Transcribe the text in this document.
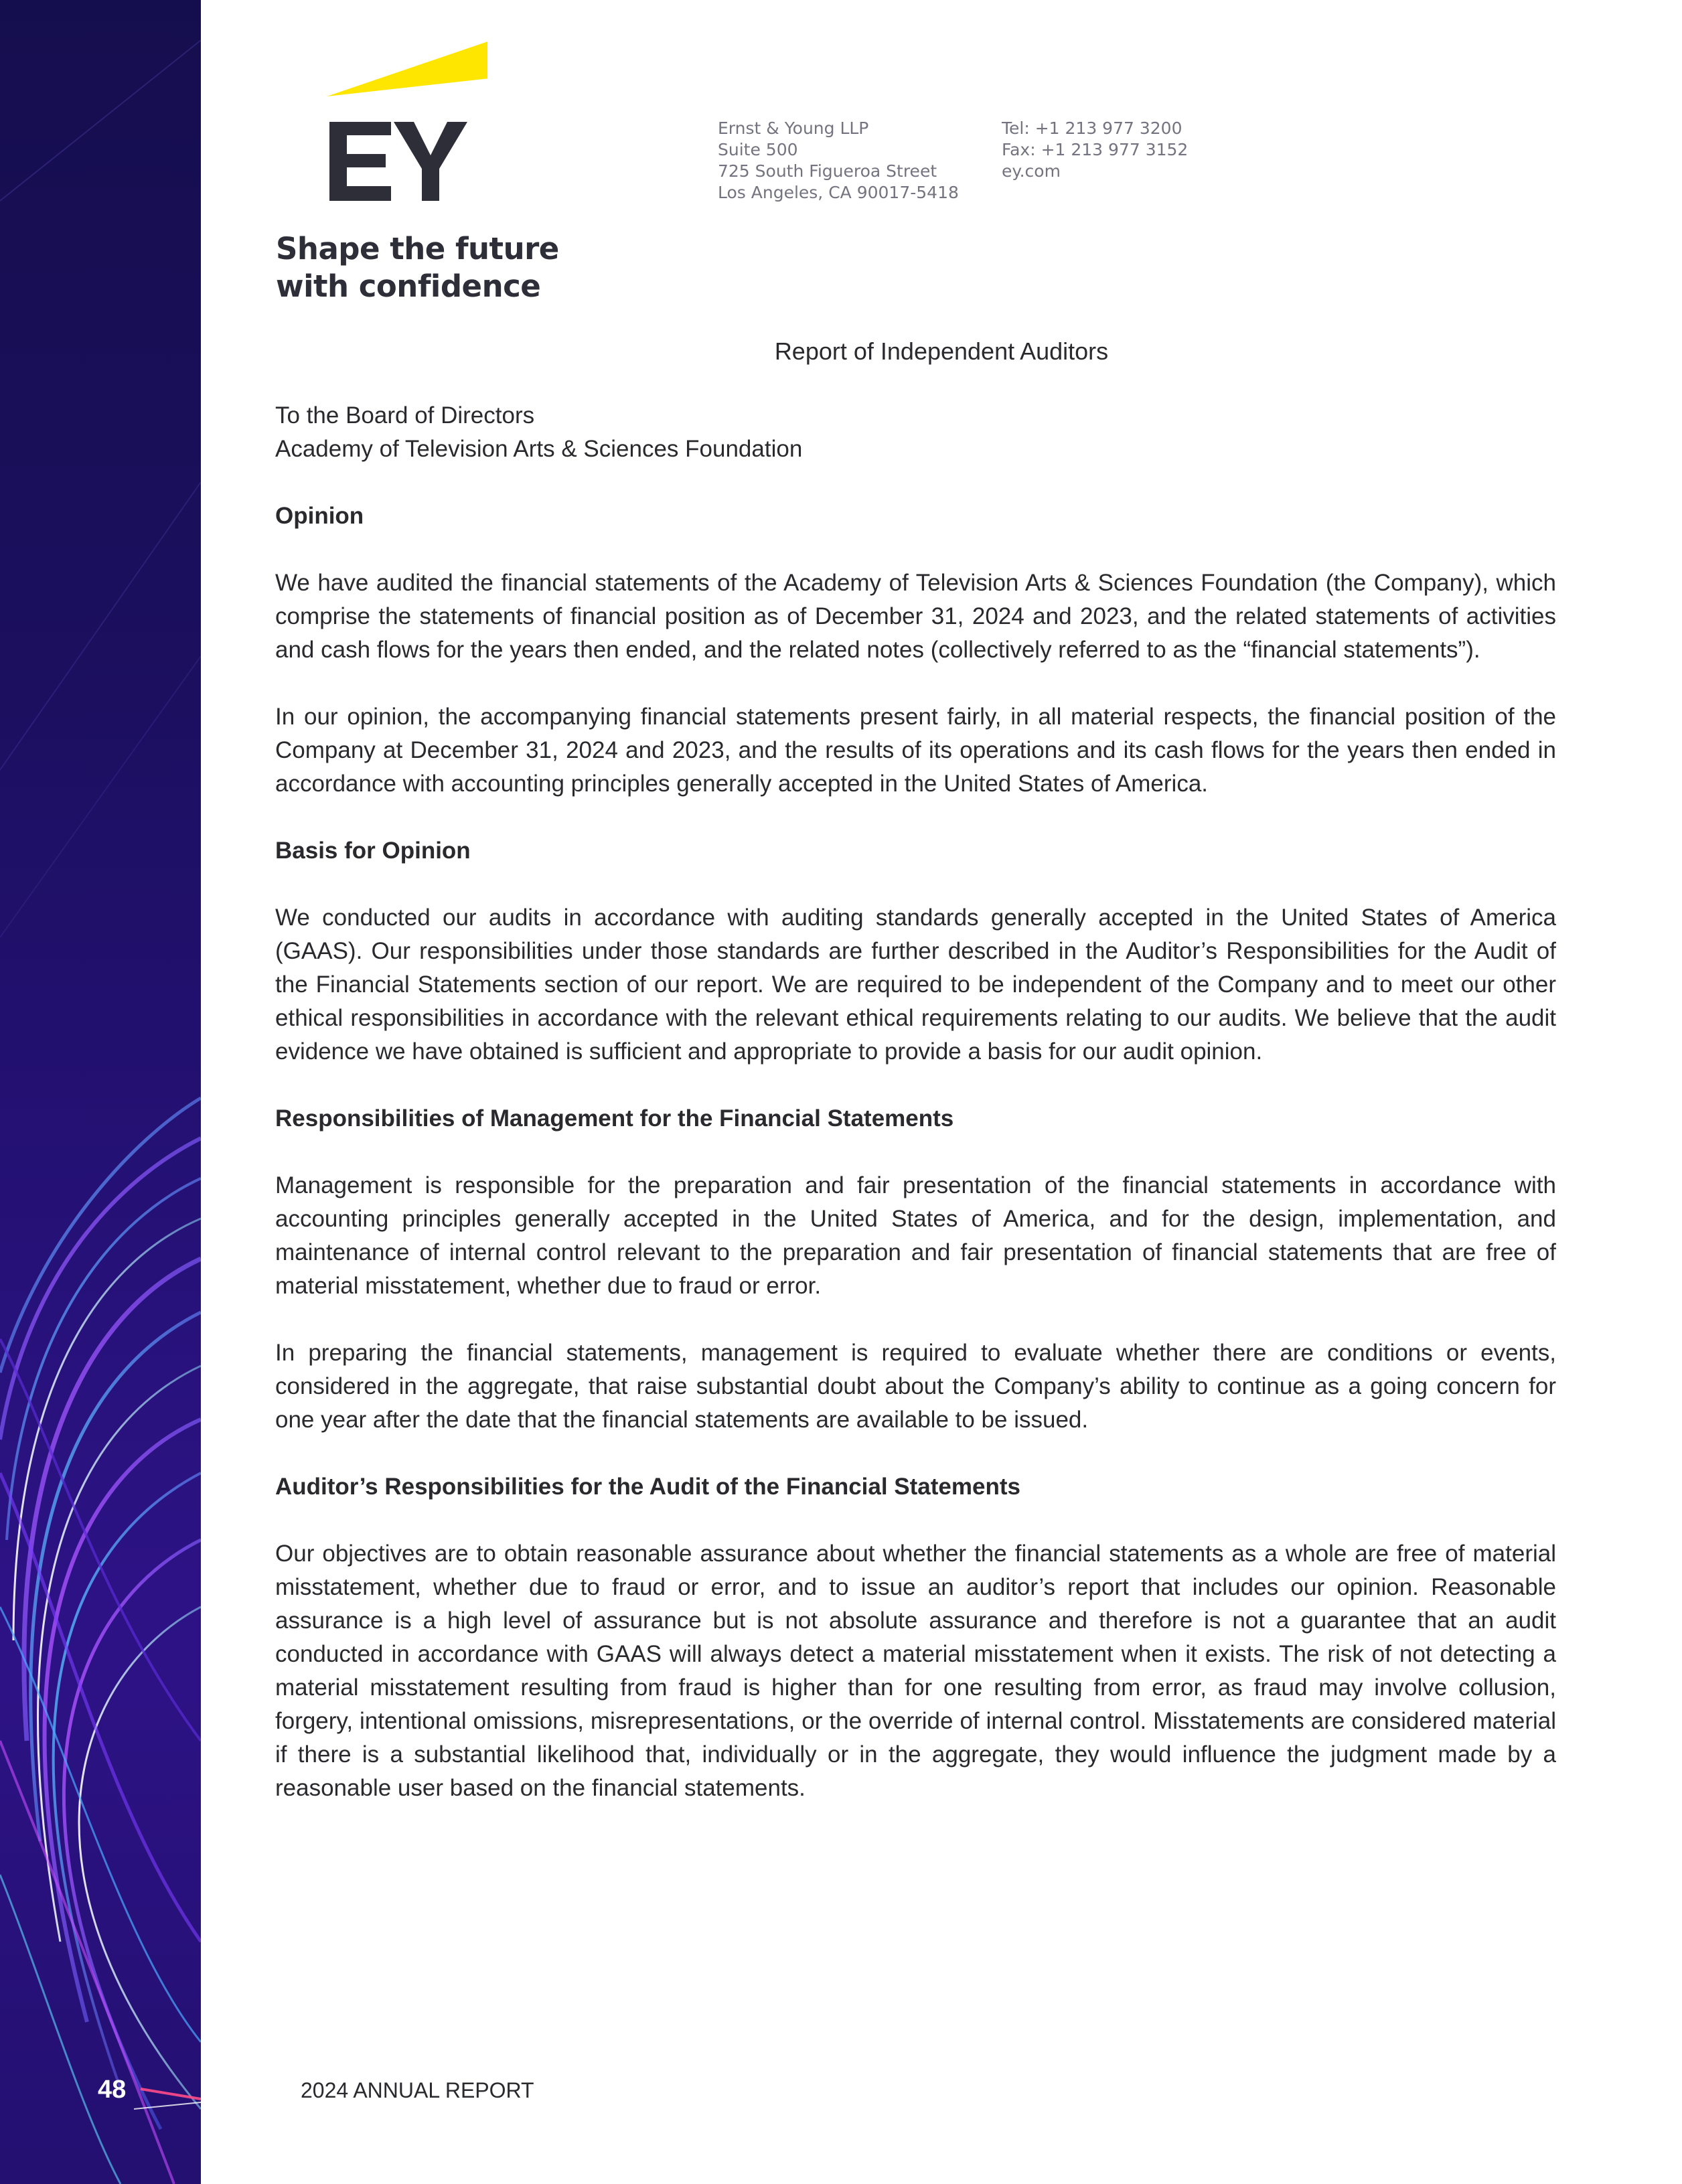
48
Shape the future
with confidence
Ernst & Young LLP
Suite 500
725 South Figueroa Street
Los Angeles, CA 90017-5418
Tel: +1 213 977 3200
Fax: +1 213 977 3152
ey.com
Report of Independent Auditors
To the Board of Directors
Academy of Television Arts & Sciences Foundation
Opinion

We have audited the financial statements of the Academy of Television Arts & Sciences Foundation (the Company), which comprise the statements of financial position as of December 31, 2024 and 2023, and the related statements of activities and cash flows for the years then ended, and the related notes (collectively referred to as the “financial statements”).

In our opinion, the accompanying financial statements present fairly, in all material respects, the financial position of the Company at December 31, 2024 and 2023, and the results of its operations and its cash flows for the years then ended in accordance with accounting principles generally accepted in the United States of America.

Basis for Opinion

We conducted our audits in accordance with auditing standards generally accepted in the United States of America (GAAS). Our responsibilities under those standards are further described in the Auditor’s Responsibilities for the Audit of the Financial Statements section of our report. We are required to be independent of the Company and to meet our other ethical responsibilities in accordance with the relevant ethical requirements relating to our audits. We believe that the audit evidence we have obtained is sufficient and appropriate to provide a basis for our audit opinion.

Responsibilities of Management for the Financial Statements

Management is responsible for the preparation and fair presentation of the financial statements in accordance with accounting principles generally accepted in the United States of America, and for the design, implementation, and maintenance of internal control relevant to the preparation and fair presentation of financial statements that are free of material misstatement, whether due to fraud or error.

In preparing the financial statements, management is required to evaluate whether there are conditions or events, considered in the aggregate, that raise substantial doubt about the Company’s ability to continue as a going concern for one year after the date that the financial statements are available to be issued.

Auditor’s Responsibilities for the Audit of the Financial Statements

Our objectives are to obtain reasonable assurance about whether the financial statements as a whole are free of material misstatement, whether due to fraud or error, and to issue an auditor’s report that includes our opinion. Reasonable assurance is a high level of assurance but is not absolute assurance and therefore is not a guarantee that an audit conducted in accordance with GAAS will always detect a material misstatement when it exists. The risk of not detecting a material misstatement resulting from fraud is higher than for one resulting from error, as fraud may involve collusion, forgery, intentional omissions, misrepresentations, or the override of internal control. Misstatements are considered material if there is a substantial likelihood that, individually or in the aggregate, they would influence the judgment made by a reasonable user based on the financial statements.

2024 ANNUAL REPORT
